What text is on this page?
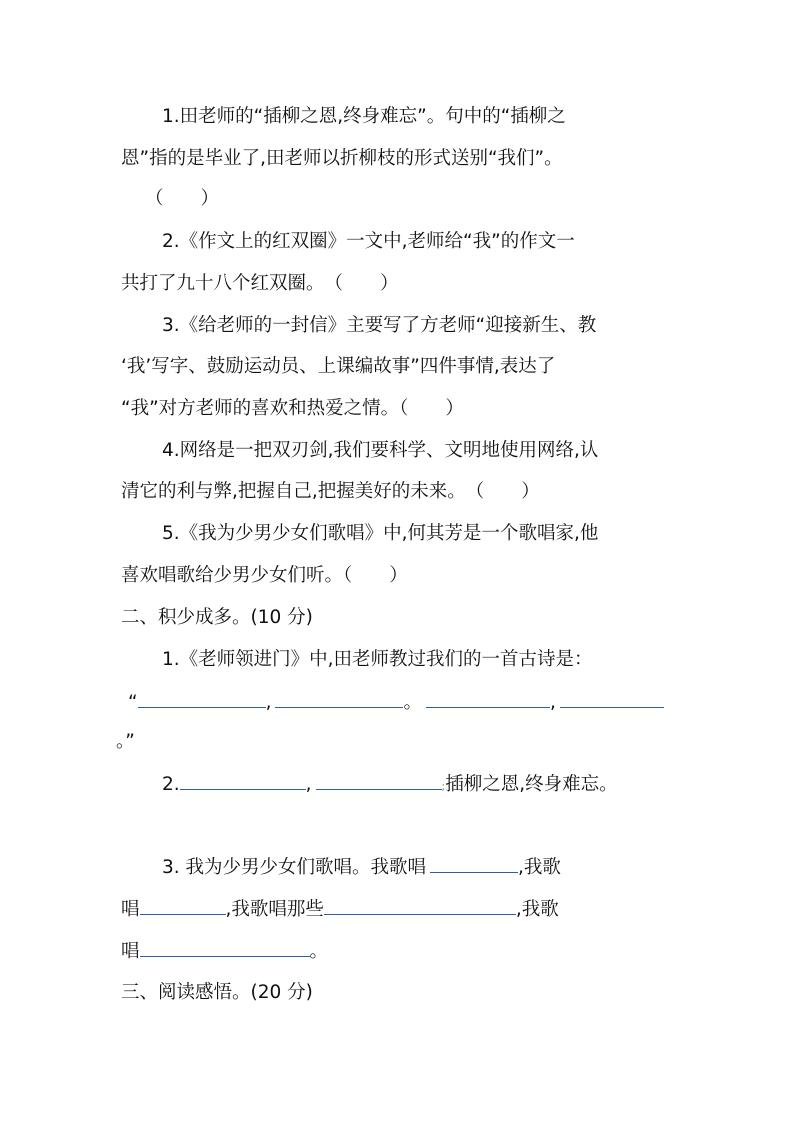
1.田老师的“插柳之恩,终身难忘”。句中的“插柳之
恩”指的是毕业了,田老师以折柳枝的形式送别“我们”。
（　　）
2.《作文上的红双圈》一文中,老师给“我”的作文一
共打了九十八个红双圈。　（　　）
3.《给老师的一封信》主要写了方老师“迎接新生、教
‘我’写字、鼓励运动员、上课编故事”四件事情,表达了
“我”对方老师的喜欢和热爱之情。（　　）
4.网络是一把双刃剑,我们要科学、文明地使用网络,认
清它的利与弊,把握自己,把握美好的未来。　（　　）
5.《我为少男少女们歌唱》中,何其芳是一个歌唱家,他
喜欢唱歌给少男少女们听。（　　）
二、积少成多。(10 分)
1.《老师领进门》中,田老师教过我们的一首古诗是：
“	,	。	,
。”
2.	,	;插柳之恩,终身难忘。
3. 我为少男少女们歌唱。我歌唱	,我歌
唱	,我歌唱那些	,我歌
唱	。
三、阅读感悟。(20 分)
